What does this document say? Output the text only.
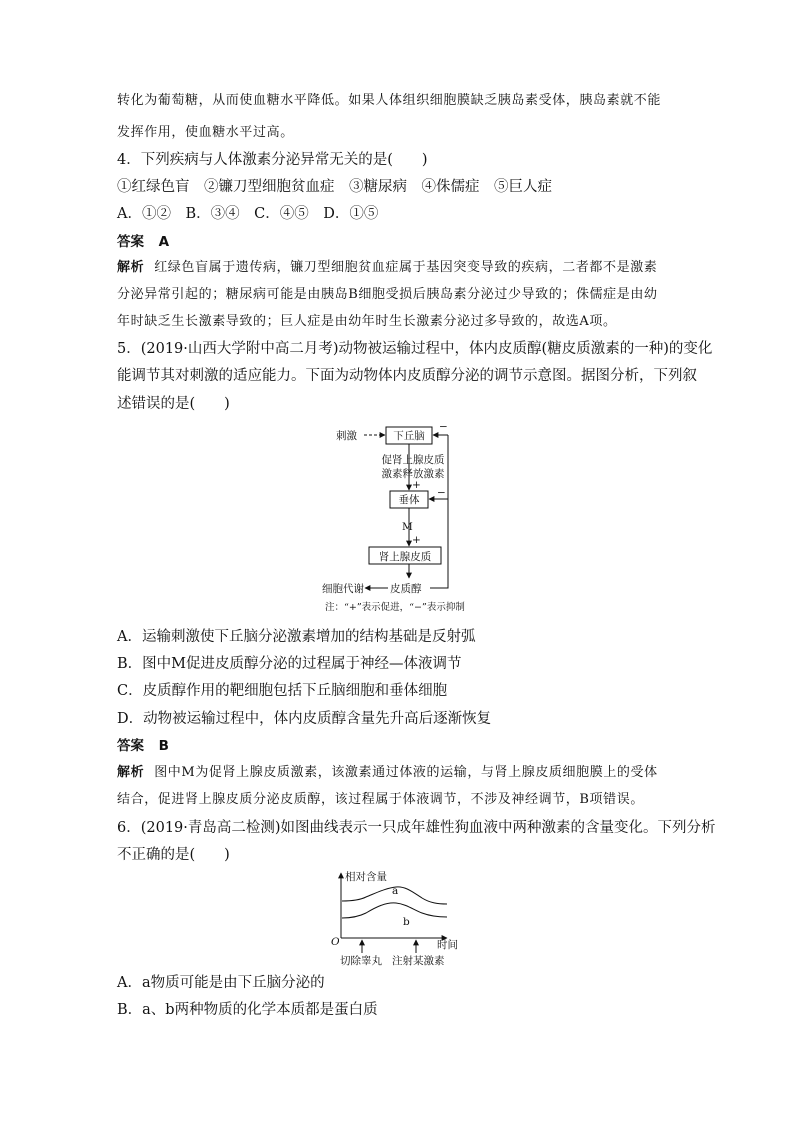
转化为葡萄糖，从而使血糖水平降低。如果人体组织细胞膜缺乏胰岛素受体，胰岛素就不能
发挥作用，使血糖水平过高。
4．下列疾病与人体激素分泌异常无关的是(　　)
①红绿色盲　②镰刀型细胞贫血症　③糖尿病　④侏儒症　⑤巨人症
A．①②　B．③④　C．④⑤　D．①⑤
答案 A
解析 红绿色盲属于遗传病，镰刀型细胞贫血症属于基因突变导致的疾病，二者都不是激素
分泌异常引起的；糖尿病可能是由胰岛B细胞受损后胰岛素分泌过少导致的；侏儒症是由幼
年时缺乏生长激素导致的；巨人症是由幼年时生长激素分泌过多导致的，故选A项。
5．(2019·山西大学附中高二月考)动物被运输过程中，体内皮质醇(糖皮质激素的一种)的变化
能调节其对刺激的适应能力。下面为动物体内皮质醇分泌的调节示意图。据图分析，下列叙
述错误的是(　　)
刺激	下丘脑
促肾上腺皮质
激素释放激素
+
垂体
M
+
肾上腺皮质
细胞代谢 皮质醇
−
−
注：“+”表示促进，“−”表示抑制
相对含量
时间
O
a
b
切除睾丸 注射某激素
A．运输刺激使下丘脑分泌激素增加的结构基础是反射弧
B．图中M促进皮质醇分泌的过程属于神经—体液调节
C．皮质醇作用的靶细胞包括下丘脑细胞和垂体细胞
D．动物被运输过程中，体内皮质醇含量先升高后逐渐恢复
答案 B
解析 图中M为促肾上腺皮质激素，该激素通过体液的运输，与肾上腺皮质细胞膜上的受体
结合，促进肾上腺皮质分泌皮质醇，该过程属于体液调节，不涉及神经调节，B项错误。
6．(2019·青岛高二检测)如图曲线表示一只成年雄性狗血液中两种激素的含量变化。下列分析
不正确的是(　　)
A．a物质可能是由下丘脑分泌的
B．a、b两种物质的化学本质都是蛋白质
